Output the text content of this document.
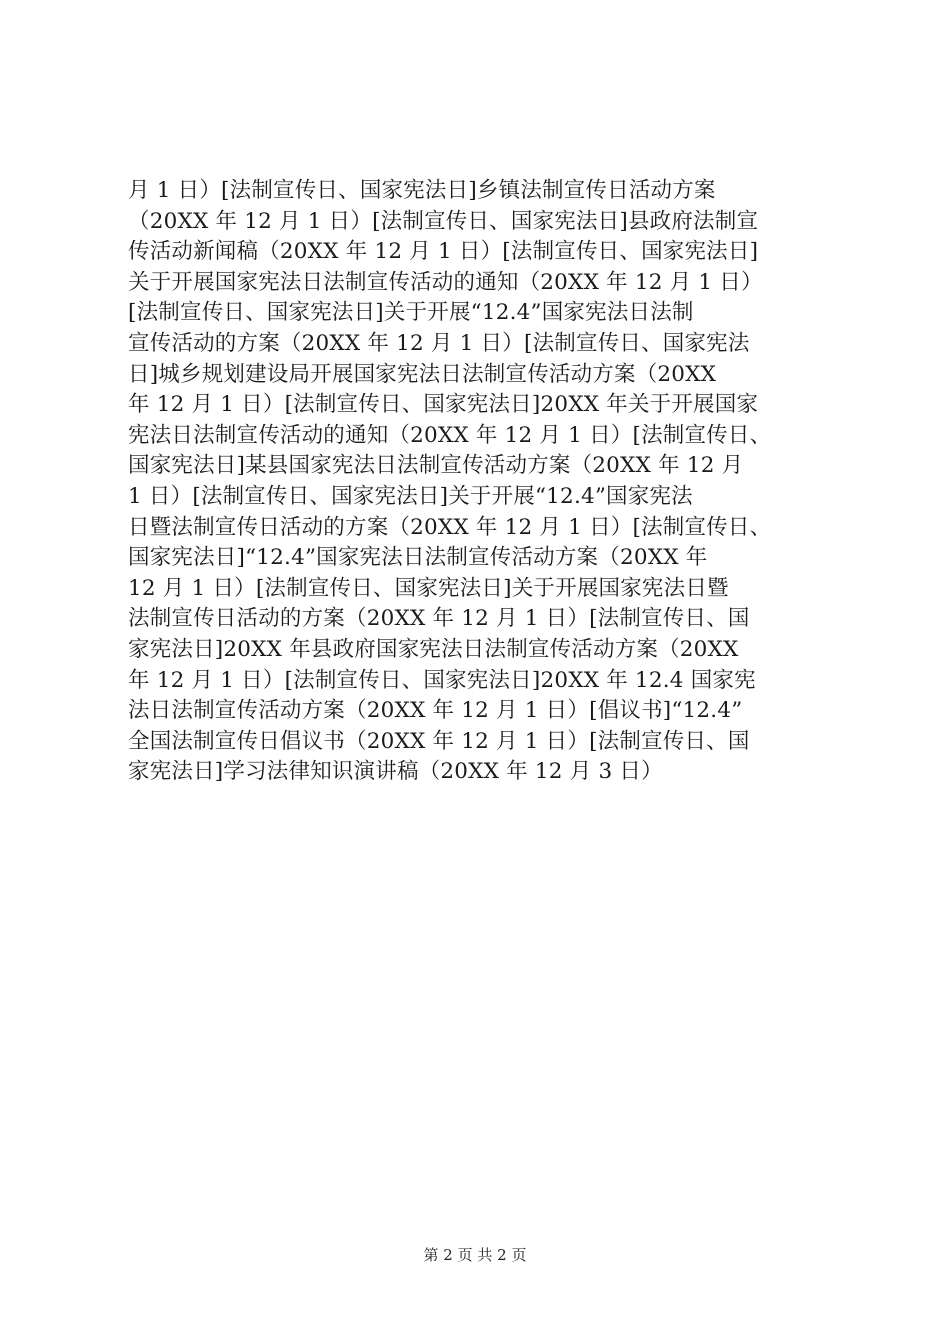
月 1 日）[法制宣传日、国家宪法日]乡镇法制宣传日活动方案
（20XX 年 12 月 1 日）[法制宣传日、国家宪法日]县政府法制宣
传活动新闻稿（20XX 年 12 月 1 日）[法制宣传日、国家宪法日]
关于开展国家宪法日法制宣传活动的通知（20XX 年 12 月 1 日）
[法制宣传日、国家宪法日]关于开展“12.4”国家宪法日法制
宣传活动的方案（20XX 年 12 月 1 日）[法制宣传日、国家宪法
日]城乡规划建设局开展国家宪法日法制宣传活动方案（20XX
年 12 月 1 日）[法制宣传日、国家宪法日]20XX 年关于开展国家
宪法日法制宣传活动的通知（20XX 年 12 月 1 日）[法制宣传日、
国家宪法日]某县国家宪法日法制宣传活动方案（20XX 年 12 月
1 日）[法制宣传日、国家宪法日]关于开展“12.4”国家宪法
日暨法制宣传日活动的方案（20XX 年 12 月 1 日）[法制宣传日、
国家宪法日]“12.4”国家宪法日法制宣传活动方案（20XX 年
12 月 1 日）[法制宣传日、国家宪法日]关于开展国家宪法日暨
法制宣传日活动的方案（20XX 年 12 月 1 日）[法制宣传日、国
家宪法日]20XX 年县政府国家宪法日法制宣传活动方案（20XX
年 12 月 1 日）[法制宣传日、国家宪法日]20XX 年 12.4 国家宪
法日法制宣传活动方案（20XX 年 12 月 1 日）[倡议书]“12.4”
全国法制宣传日倡议书（20XX 年 12 月 1 日）[法制宣传日、国
家宪法日]学习法律知识演讲稿（20XX 年 12 月 3 日）
第 2 页 共 2 页
